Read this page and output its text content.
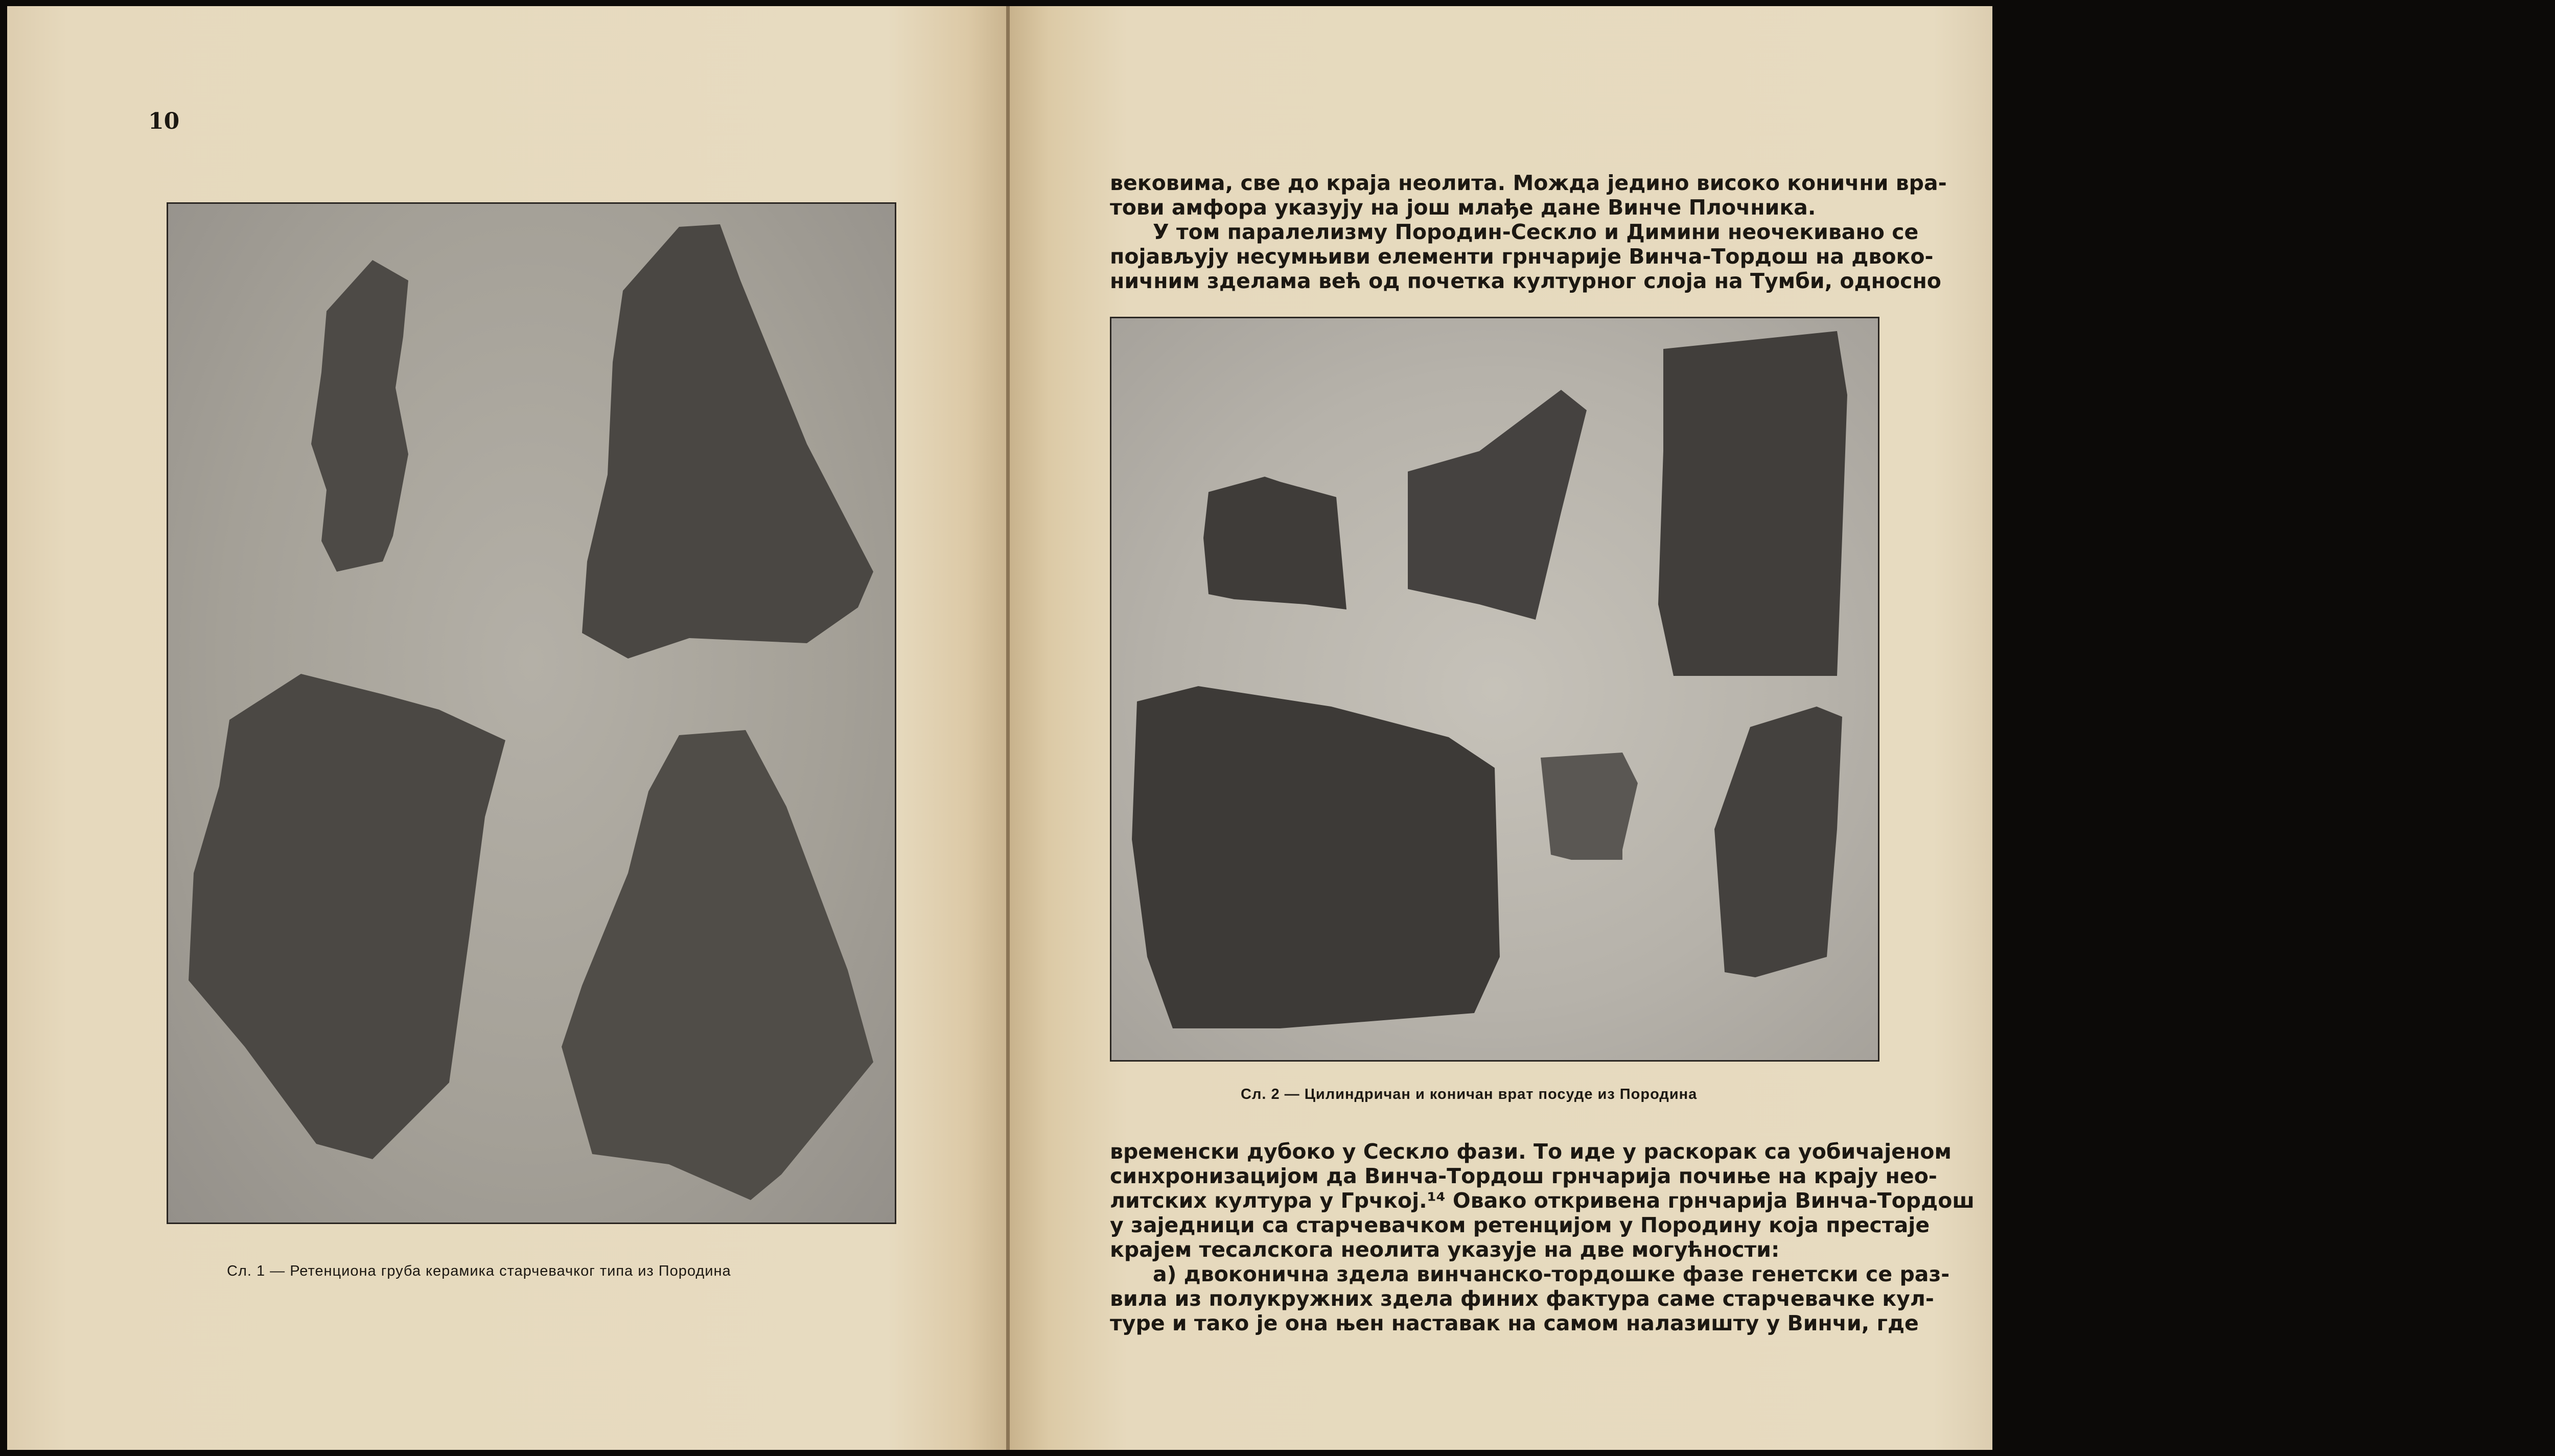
10
Сл. 1 — Ретенциона груба керамика старчевачког типа из Породина
вековима, све до краја неолита. Можда једино високо конични вра-
тови амфора указују на још млађе дане Винче Плочника.
У том паралелизму Породин-Сескло и Димини неочекивано се
појављују несумњиви елементи грнчарије Винча-Тордош на двоко-
ничним зделама већ од почетка културног слоја на Тумби, односно
Сл. 2 — Цилиндричан и коничан врат посуде из Породина
временски дубоко у Сескло фази. То иде у раскорак са уобичајеном
синхронизацијом да Винча-Тордош грнчарија почиње на крају нео-
литских култура у Грчкој.¹⁴ Овако откривена грнчарија Винча-Тордош
у заједници са старчевачком ретенцијом у Породину која престаје
крајем тесалскога неолита указује на две могућности:
а) двоконична здела винчанско-тордошке фазе генетски се раз-
вила из полукружних здела финих фактура саме старчевачке кул-
туре и тако је она њен наставак на самом налазишту у Винчи, где
